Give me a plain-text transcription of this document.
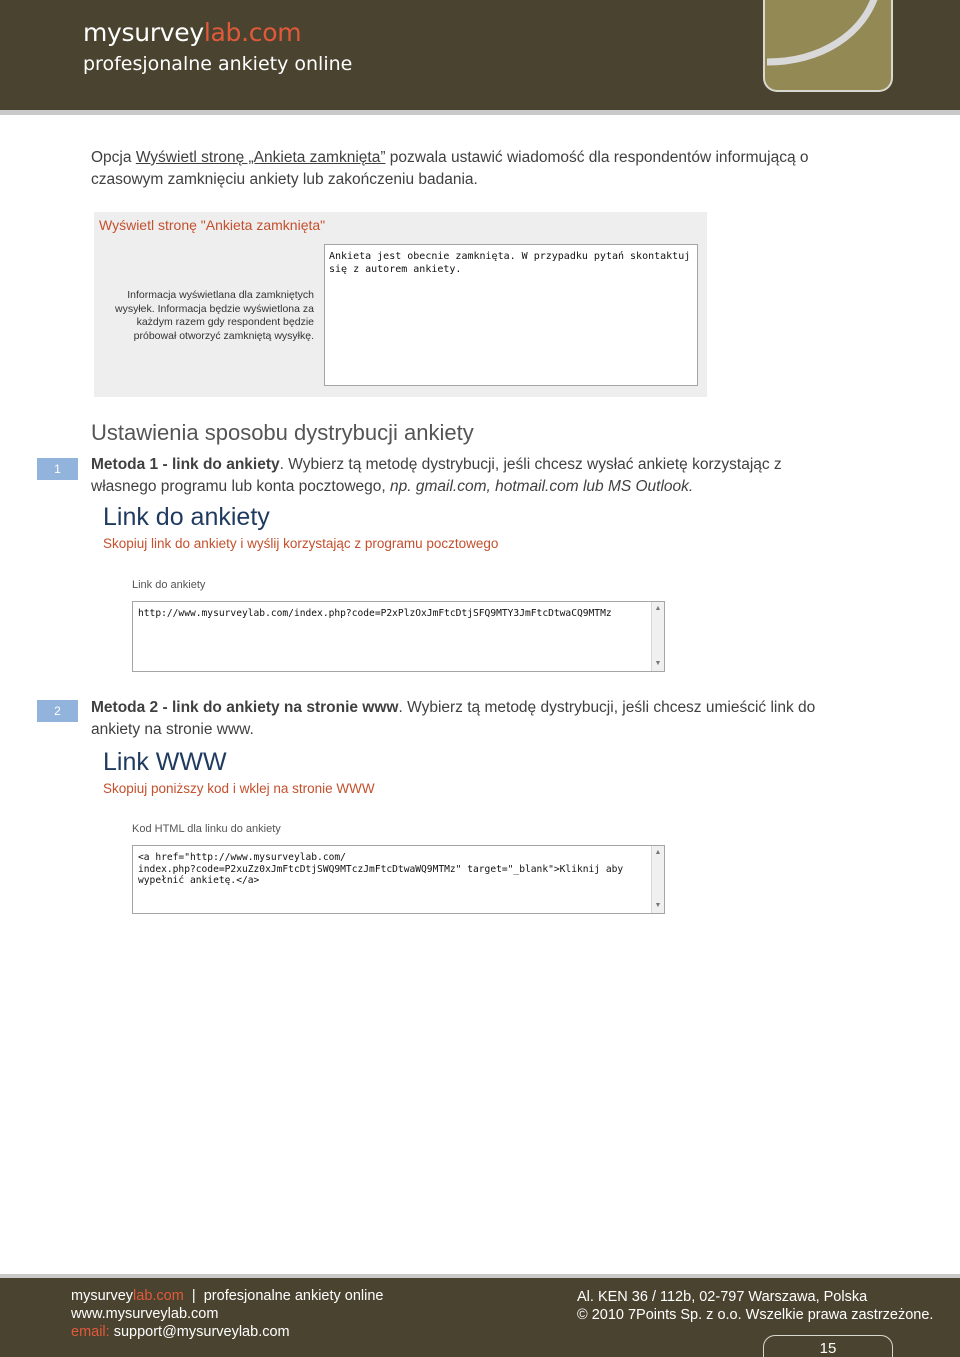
mysurveylab.com
profesjonalne ankiety online
Opcja Wyświetl stronę „Ankieta zamknięta” pozwala ustawić wiadomość dla respondentów informującą o czasowym zamknięciu ankiety lub zakończeniu badania.
Wyświetl stronę "Ankieta zamknięta"
Informacja wyświetlana dla zamkniętych wysyłek. Informacja będzie wyświetlona za każdym razem gdy respondent będzie próbował otworzyć zamkniętą wysyłkę.
Ankieta jest obecnie zamknięta. W przypadku pytań skontaktuj się z autorem ankiety.
Ustawienia sposobu dystrybucji ankiety
1	Metoda 1 - link do ankiety. Wybierz tą metodę dystrybucji, jeśli chcesz wysłać ankietę korzystając z własnego programu lub konta pocztowego, np. gmail.com, hotmail.com lub MS Outlook.
Link do ankiety
Skopiuj link do ankiety i wyślij korzystając z programu pocztowego
Link do ankiety
http://www.mysurveylab.com/index.php?code=P2xPlzOxJmFtcDtjSFQ9MTY3JmFtcDtwaCQ9MTMz	▲
▼
2	Metoda 2 - link do ankiety na stronie www. Wybierz tą metodę dystrybucji, jeśli chcesz umieścić link do ankiety na stronie www.
Link WWW
Skopiuj poniższy kod i wklej na stronie WWW
Kod HTML dla linku do ankiety
<a href="http://www.mysurveylab.com/
index.php?code=P2xuZz0xJmFtcDtjSWQ9MTczJmFtcDtwaWQ9MTMz" target="_blank">Kliknij aby
wypełnić ankietę.</a>
▲
▼
mysurveylab.com | profesjonalne ankiety online
www.mysurveylab.com
email: support@mysurveylab.com
Al. KEN 36 / 112b, 02-797 Warszawa, Polska
© 2010 7Points Sp. z o.o. Wszelkie prawa zastrzeżone.
15
